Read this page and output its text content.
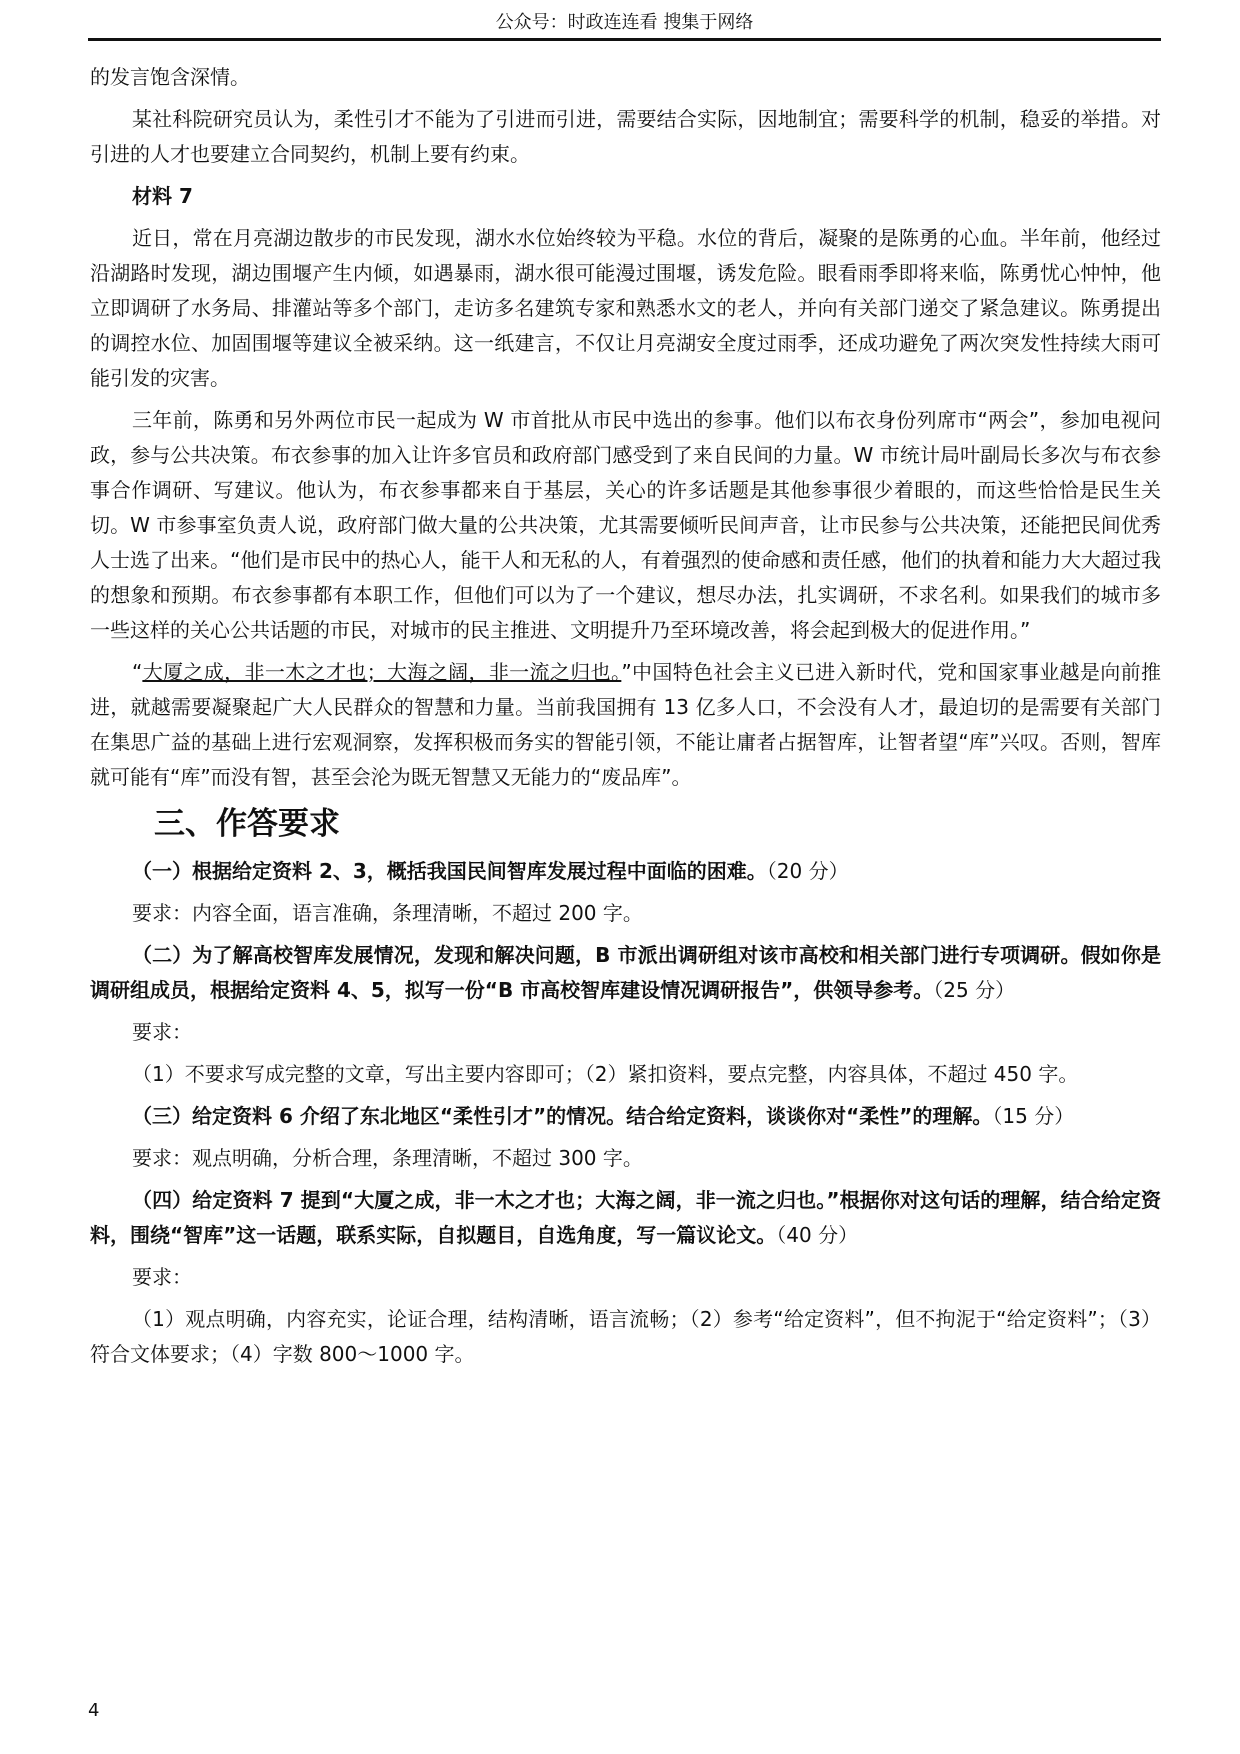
公众号：时政连连看 搜集于网络

的发言饱含深情。

某社科院研究员认为，柔性引才不能为了引进而引进，需要结合实际，因地制宜；需要科学的机制，稳妥的举措。对引进的人才也要建立合同契约，机制上要有约束。

材料 7

近日，常在月亮湖边散步的市民发现，湖水水位始终较为平稳。水位的背后，凝聚的是陈勇的心血。半年前，他经过沿湖路时发现，湖边围堰产生内倾，如遇暴雨，湖水很可能漫过围堰，诱发危险。眼看雨季即将来临，陈勇忧心忡忡，他立即调研了水务局、排灌站等多个部门，走访多名建筑专家和熟悉水文的老人，并向有关部门递交了紧急建议。陈勇提出的调控水位、加固围堰等建议全被采纳。这一纸建言，不仅让月亮湖安全度过雨季，还成功避免了两次突发性持续大雨可能引发的灾害。

三年前，陈勇和另外两位市民一起成为 W 市首批从市民中选出的参事。他们以布衣身份列席市“两会”，参加电视问政，参与公共决策。布衣参事的加入让许多官员和政府部门感受到了来自民间的力量。W 市统计局叶副局长多次与布衣参事合作调研、写建议。他认为，布衣参事都来自于基层，关心的许多话题是其他参事很少着眼的，而这些恰恰是民生关切。W 市参事室负责人说，政府部门做大量的公共决策，尤其需要倾听民间声音，让市民参与公共决策，还能把民间优秀人士选了出来。“他们是市民中的热心人，能干人和无私的人，有着强烈的使命感和责任感，他们的执着和能力大大超过我的想象和预期。布衣参事都有本职工作，但他们可以为了一个建议，想尽办法，扎实调研，不求名利。如果我们的城市多一些这样的关心公共话题的市民，对城市的民主推进、文明提升乃至环境改善，将会起到极大的促进作用。”

“大厦之成，非一木之才也；大海之阔，非一流之归也。”中国特色社会主义已进入新时代，党和国家事业越是向前推进，就越需要凝聚起广大人民群众的智慧和力量。当前我国拥有 13 亿多人口，不会没有人才，最迫切的是需要有关部门在集思广益的基础上进行宏观洞察，发挥积极而务实的智能引领，不能让庸者占据智库，让智者望“库”兴叹。否则，智库就可能有“库”而没有智，甚至会沦为既无智慧又无能力的“废品库”。

三、作答要求

（一）根据给定资料 2、3，概括我国民间智库发展过程中面临的困难。（20 分）

要求：内容全面，语言准确，条理清晰，不超过 200 字。

（二）为了解高校智库发展情况，发现和解决问题，B 市派出调研组对该市高校和相关部门进行专项调研。假如你是调研组成员，根据给定资料 4、5，拟写一份“B 市高校智库建设情况调研报告”，供领导参考。（25 分）

要求：

（1）不要求写成完整的文章，写出主要内容即可；（2）紧扣资料，要点完整，内容具体，不超过 450 字。

（三）给定资料 6 介绍了东北地区“柔性引才”的情况。结合给定资料，谈谈你对“柔性”的理解。（15 分）

要求：观点明确，分析合理，条理清晰，不超过 300 字。

（四）给定资料 7 提到“大厦之成，非一木之才也；大海之阔，非一流之归也。”根据你对这句话的理解，结合给定资料，围绕“智库”这一话题，联系实际，自拟题目，自选角度，写一篇议论文。（40 分）

要求：

（1）观点明确，内容充实，论证合理，结构清晰，语言流畅；（2）参考“给定资料”，但不拘泥于“给定资料”；（3）符合文体要求；（4）字数 800～1000 字。

4
